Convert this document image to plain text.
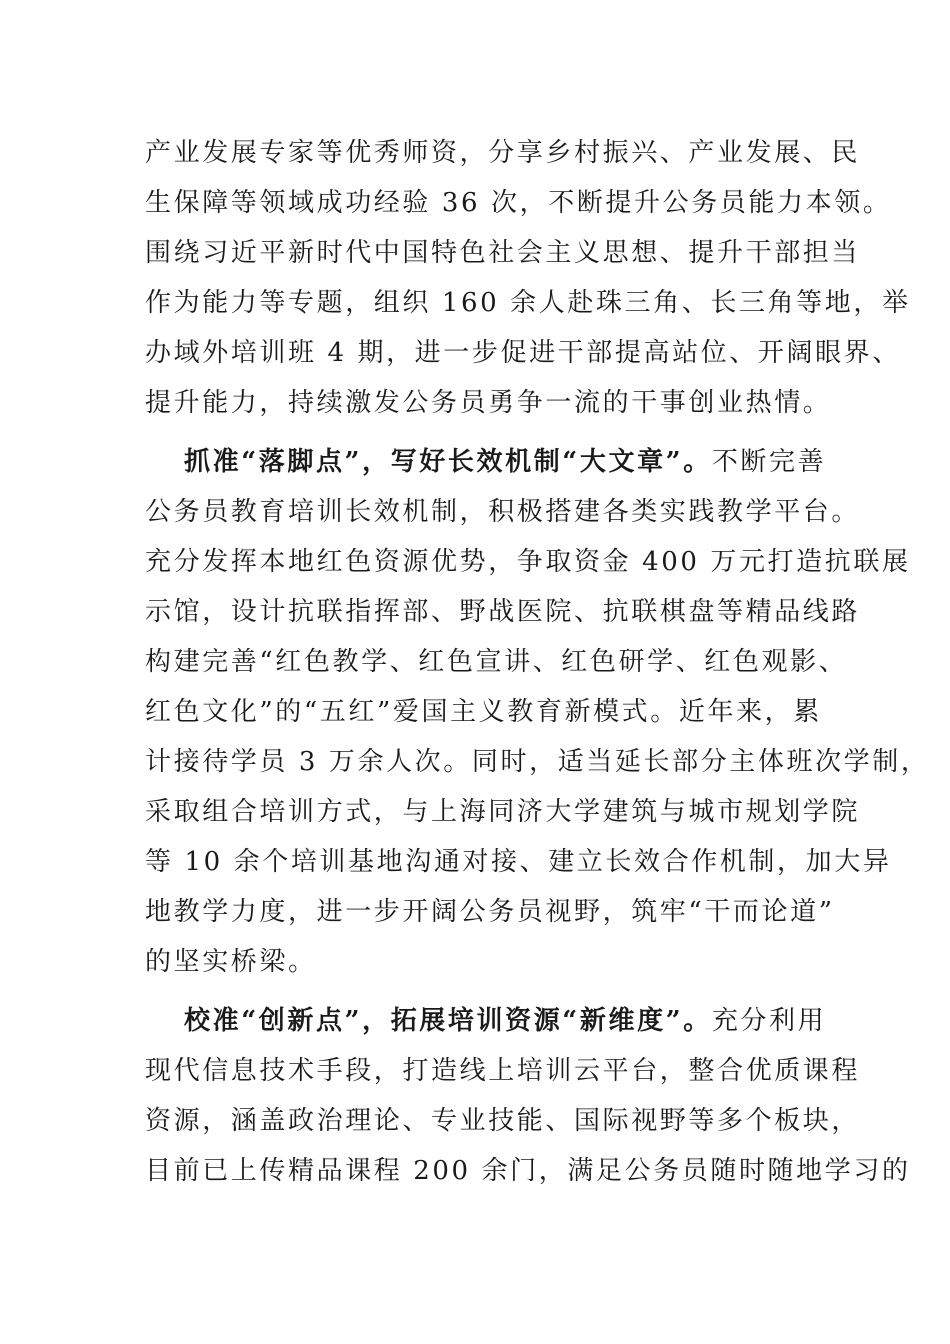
产业发展专家等优秀师资，分享乡村振兴、产业发展、民
生保障等领域成功经验 36 次，不断提升公务员能力本领。
围绕习近平新时代中国特色社会主义思想、提升干部担当
作为能力等专题，组织 160 余人赴珠三角、长三角等地，举
办域外培训班 4 期，进一步促进干部提高站位、开阔眼界、
提升能力，持续激发公务员勇争一流的干事创业热情。
抓准“落脚点”，写好长效机制“大文章”。不断完善
公务员教育培训长效机制，积极搭建各类实践教学平台。
充分发挥本地红色资源优势，争取资金 400 万元打造抗联展
示馆，设计抗联指挥部、野战医院、抗联棋盘等精品线路
构建完善“红色教学、红色宣讲、红色研学、红色观影、
红色文化”的“五红”爱国主义教育新模式。近年来，累
计接待学员 3 万余人次。同时，适当延长部分主体班次学制，
采取组合培训方式，与上海同济大学建筑与城市规划学院
等 10 余个培训基地沟通对接、建立长效合作机制，加大异
地教学力度，进一步开阔公务员视野，筑牢“干而论道”
的坚实桥梁。
校准“创新点”，拓展培训资源“新维度”。充分利用
现代信息技术手段，打造线上培训云平台，整合优质课程
资源，涵盖政治理论、专业技能、国际视野等多个板块，
目前已上传精品课程 200 余门，满足公务员随时随地学习的
